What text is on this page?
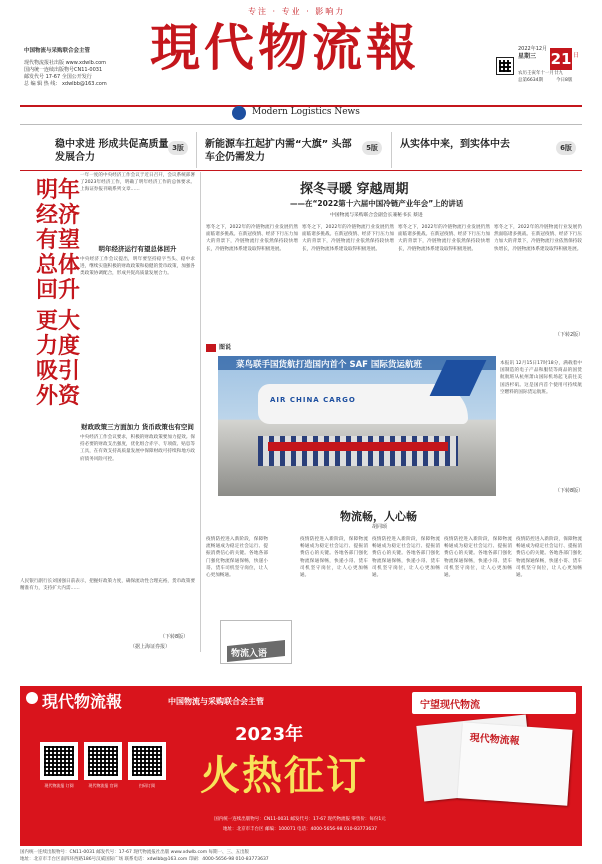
专注 · 专业 · 影响力
中国物流与采购联合会主管
现代物流报社出版 www.xdwlb.com
国内统一连续出版物号CN11-0031
邮发代号 17-67 全国公开发行
总 编 辑 热 线： xdwlbb@163.com
現代物流報	2022年12月
星期三 21 日
农历壬寅年十一月廿九
总第6634期	今日8版
Modern Logistics News
稳中求进 形成共促高质量发展合力
3版	新能源车扛起扩内需“大旗” 头部车企仍需发力
5版	从实体中来，到实体中去	6版
一年一度的中央经济工作会议于近日召开，会议系统部署了2023年经济工作，明确了明年经济工作的总体要求。上海证券报刊载系列文章……
明年
经济
有望
总体
回升
更大
力度
吸引
外资
明年经济运行有望总体回升
中央经济工作会议提出，明年要坚持稳字当头、稳中求进，继续实施积极的财政政策和稳健的货币政策，加强各类政策协调配合，形成共促高质量发展合力。
财政政策三方面加力 货币政策也有空间
中央经济工作会议要求，积极的财政政策要加力提效。保持必要的财政支出强度，优化组合赤字、专项债、贴息等工具，在有效支持高质量发展中保障财政可持续和地方政府债务风险可控。
人民银行副行长刘国强日前表示，把握好政策力度，确保流动性合理充裕，货币政策要精准有力，支持扩大内需……
（下转8版）
（据上海证券报）
探冬寻暖 穿越周期
——在“2022第十六届中国冷链产业年会”上的讲话
中国物流与采购联合会副会长兼秘书长 蔡进
寒冬之下，2022年的冷链物流行业发展仍然面临诸多挑战。在新冠疫情、经济下行压力加大的背景下，冷链物流行业依然保持较快增长，冷链物流体系建设取得积极进展。
寒冬之下，2022年的冷链物流行业发展仍然面临诸多挑战。在新冠疫情、经济下行压力加大的背景下，冷链物流行业依然保持较快增长，冷链物流体系建设取得积极进展。
寒冬之下，2022年的冷链物流行业发展仍然面临诸多挑战。在新冠疫情、经济下行压力加大的背景下，冷链物流行业依然保持较快增长，冷链物流体系建设取得积极进展。
寒冬之下，2022年的冷链物流行业发展仍然面临诸多挑战。在新冠疫情、经济下行压力加大的背景下，冷链物流行业依然保持较快增长，冷链物流体系建设取得积极进展。
（下转2版）
图说
AIR CHINA CARGO
菜鸟联手国货航打造国内首个 SAF 国际货运航班	本报讯 12月15日17时18分，满载着中国制造的电子产品和服装等商品的国货航航班从杭州萧山国际机场起飞前往美国洛杉矶。这是国内首个使用可持续航空燃料的国际货运航班。
（下转8版）
物流畅，人心畅
胡同颂
疫情防控进入新阶段，保障物流畅通成为稳定社会运行、提振消费信心的关键。各地各部门强化物流保通保畅，快递小哥、货车司机坚守岗位，让人心更加畅通。
疫情防控进入新阶段，保障物流畅通成为稳定社会运行、提振消费信心的关键。各地各部门强化物流保通保畅，快递小哥、货车司机坚守岗位，让人心更加畅通。
疫情防控进入新阶段，保障物流畅通成为稳定社会运行、提振消费信心的关键。各地各部门强化物流保通保畅，快递小哥、货车司机坚守岗位，让人心更加畅通。
疫情防控进入新阶段，保障物流畅通成为稳定社会运行、提振消费信心的关键。各地各部门强化物流保通保畅，快递小哥、货车司机坚守岗位，让人心更加畅通。
疫情防控进入新阶段，保障物流畅通成为稳定社会运行、提振消费信心的关键。各地各部门强化物流保通保畅，快递小哥、货车司机坚守岗位，让人心更加畅通。
物流入语
現代物流報	中国物流与采购联合会主管
2023年
火热征订
现代物流报 订阅	现代物流报 官网	扫码订阅
宁望现代物流
現代物流報
国内统一连续出版物号：CN11-0031 邮发代号：17-67 现代物流报 零售价：每份1元
地址：北京市丰台区 邮编：100071 电话：4000-5656-98 010-83773637
国内统一连续出版物号：CN11-0031 邮发代号：17-67 现代物流报社出版 www.xdwlb.com 每期一、三、五出版
地址：北京市丰台区南四环西路186号汉威国际广场 联系电话：xdwlbb@163.com 印刷：4000-5656-98 010-83773637
